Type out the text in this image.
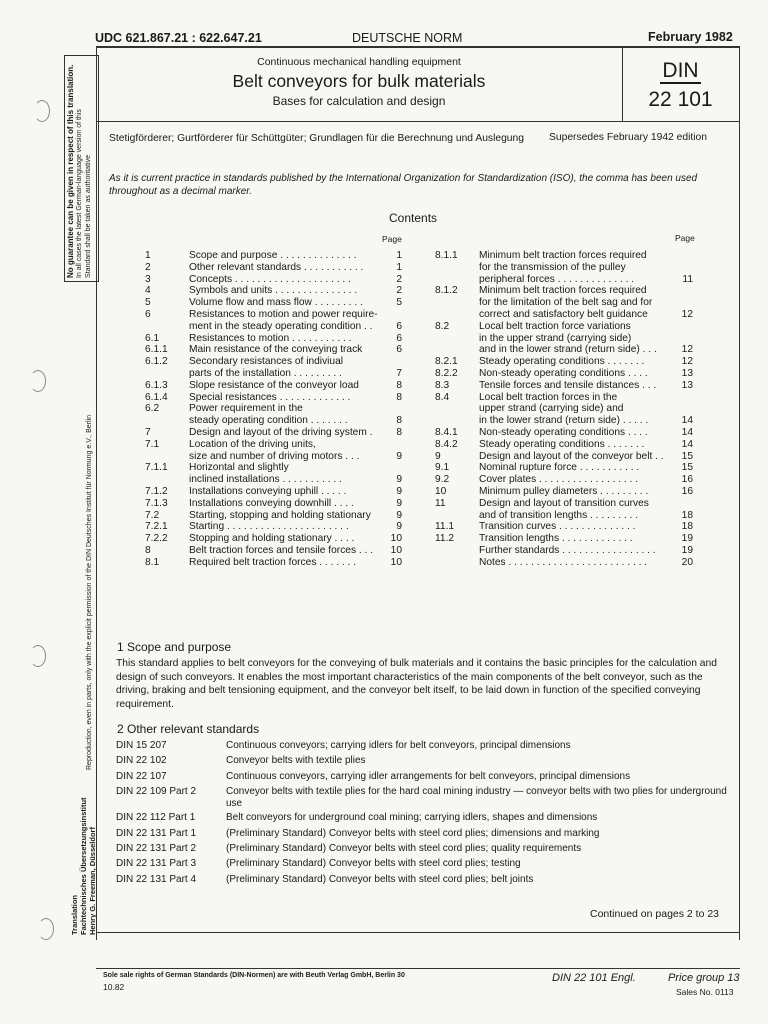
UDC 621.867.21 : 622.647.21	DEUTSCHE NORM	February 1982
Continuous mechanical handling equipment
Belt conveyors for bulk materials
Bases for calculation and design
DIN
22 101
No guarantee can be given in respect of this translation. In all cases the latest German-language version of this Standard shall be taken as authoritative
Reproduction, even in parts, only with the explicit permission of the DIN Deutsches Institut für Normung e.V., Berlin
Translation Fachtechnisches Übersetzungsinstitut Henry G. Freeman, Düsseldorf
Stetigförderer; Gurtförderer für Schüttgüter; Grundlagen für die Berechnung und Auslegung	Supersedes February 1942 edition
As it is current practice in standards published by the International Organization for Standardization (ISO), the comma has been used throughout as a decimal marker.
Contents
Page	Page
1	Scope and purpose . . . . . . . . . . . . . .	1
2	Other relevant standards . . . . . . . . . . .	1
3	Concepts . . . . . . . . . . . . . . . . . . . . .	2
4	Symbols and units . . . . . . . . . . . . . . .	2
5	Volume flow and mass flow . . . . . . . . .	5
6	Resistances to motion and power require-
ment in the steady operating condition . .	6
6.1	Resistances to motion . . . . . . . . . . .	6
6.1.1	Main resistance of the conveying track	6
6.1.2	Secondary resistances of indiviual
parts of the installation . . . . . . . . .	7
6.1.3	Slope resistance of the conveyor load	8
6.1.4	Special resistances . . . . . . . . . . . . .	8
6.2	Power requirement in the
steady operating condition . . . . . . .	8
7	Design and layout of the driving system .	8
7.1	Location of the driving units,
size and number of driving motors . . .	9
7.1.1	Horizontal and slightly
inclined installations . . . . . . . . . . .	9
7.1.2	Installations conveying uphill . . . . .	9
7.1.3	Installations conveying downhill . . . .	9
7.2	Starting, stopping and holding stationary	9
7.2.1	Starting . . . . . . . . . . . . . . . . . . . . . .	9
7.2.2	Stopping and holding stationary . . . .	10
8	Belt traction forces and tensile forces . . .	10
8.1	Required belt traction forces . . . . . . .	10
8.1.1	Minimum belt traction forces required
for the transmission of the pulley
peripheral forces . . . . . . . . . . . . . .	11
8.1.2	Minimum belt traction forces required
for the limitation of the belt sag and for
correct and satisfactory belt guidance	12
8.2	Local belt traction force variations
in the upper strand (carrying side)
and in the lower strand (return side) . . .	12
8.2.1	Steady operating conditions . . . . . . .	12
8.2.2	Non-steady operating conditions . . . .	13
8.3	Tensile forces and tensile distances . . .	13
8.4	Local belt traction forces in the
upper strand (carrying side) and
in the lower strand (return side) . . . . .	14
8.4.1	Non-steady operating conditions . . . .	14
8.4.2	Steady operating conditions . . . . . . .	14
9	Design and layout of the conveyor belt . .	15
9.1	Nominal rupture force . . . . . . . . . . .	15
9.2	Cover plates . . . . . . . . . . . . . . . . . .	16
10	Minimum pulley diameters . . . . . . . . .	16
11	Design and layout of transition curves
and of transition lengths . . . . . . . . .	18
11.1	Transition curves . . . . . . . . . . . . . .	18
11.2	Transition lengths . . . . . . . . . . . . .	19
Further standards . . . . . . . . . . . . . . . . .	19
Notes . . . . . . . . . . . . . . . . . . . . . . . . .	20
1 Scope and purpose
This standard applies to belt conveyors for the conveying of bulk materials and it contains the basic principles for the calculation and design of such conveyors. It enables the most important characteristics of the main components of the belt conveyor, such as the driving, braking and belt tensioning equipment, and the conveyor belt itself, to be laid down in function of the specified conveying requirement.
2 Other relevant standards
DIN 15 207	Continuous conveyors; carrying idlers for belt conveyors, principal dimensions
DIN 22 102	Conveyor belts with textile plies
DIN 22 107	Continuous conveyors, carrying idler arrangements for belt conveyors, principal dimensions
DIN 22 109 Part 2	Conveyor belts with textile plies for the hard coal mining industry — conveyor belts with two plies for underground use
DIN 22 112 Part 1	Belt conveyors for underground coal mining; carrying idlers, shapes and dimensions
DIN 22 131 Part 1	(Preliminary Standard) Conveyor belts with steel cord plies; dimensions and marking
DIN 22 131 Part 2	(Preliminary Standard) Conveyor belts with steel cord plies; quality requirements
DIN 22 131 Part 3	(Preliminary Standard) Conveyor belts with steel cord plies; testing
DIN 22 131 Part 4	(Preliminary Standard) Conveyor belts with steel cord plies; belt joints
Continued on pages 2 to 23
Sole sale rights of German Standards (DIN-Normen) are with Beuth Verlag GmbH, Berlin 30
10.82
DIN 22 101 Engl.	Price group 13
Sales No. 0113
